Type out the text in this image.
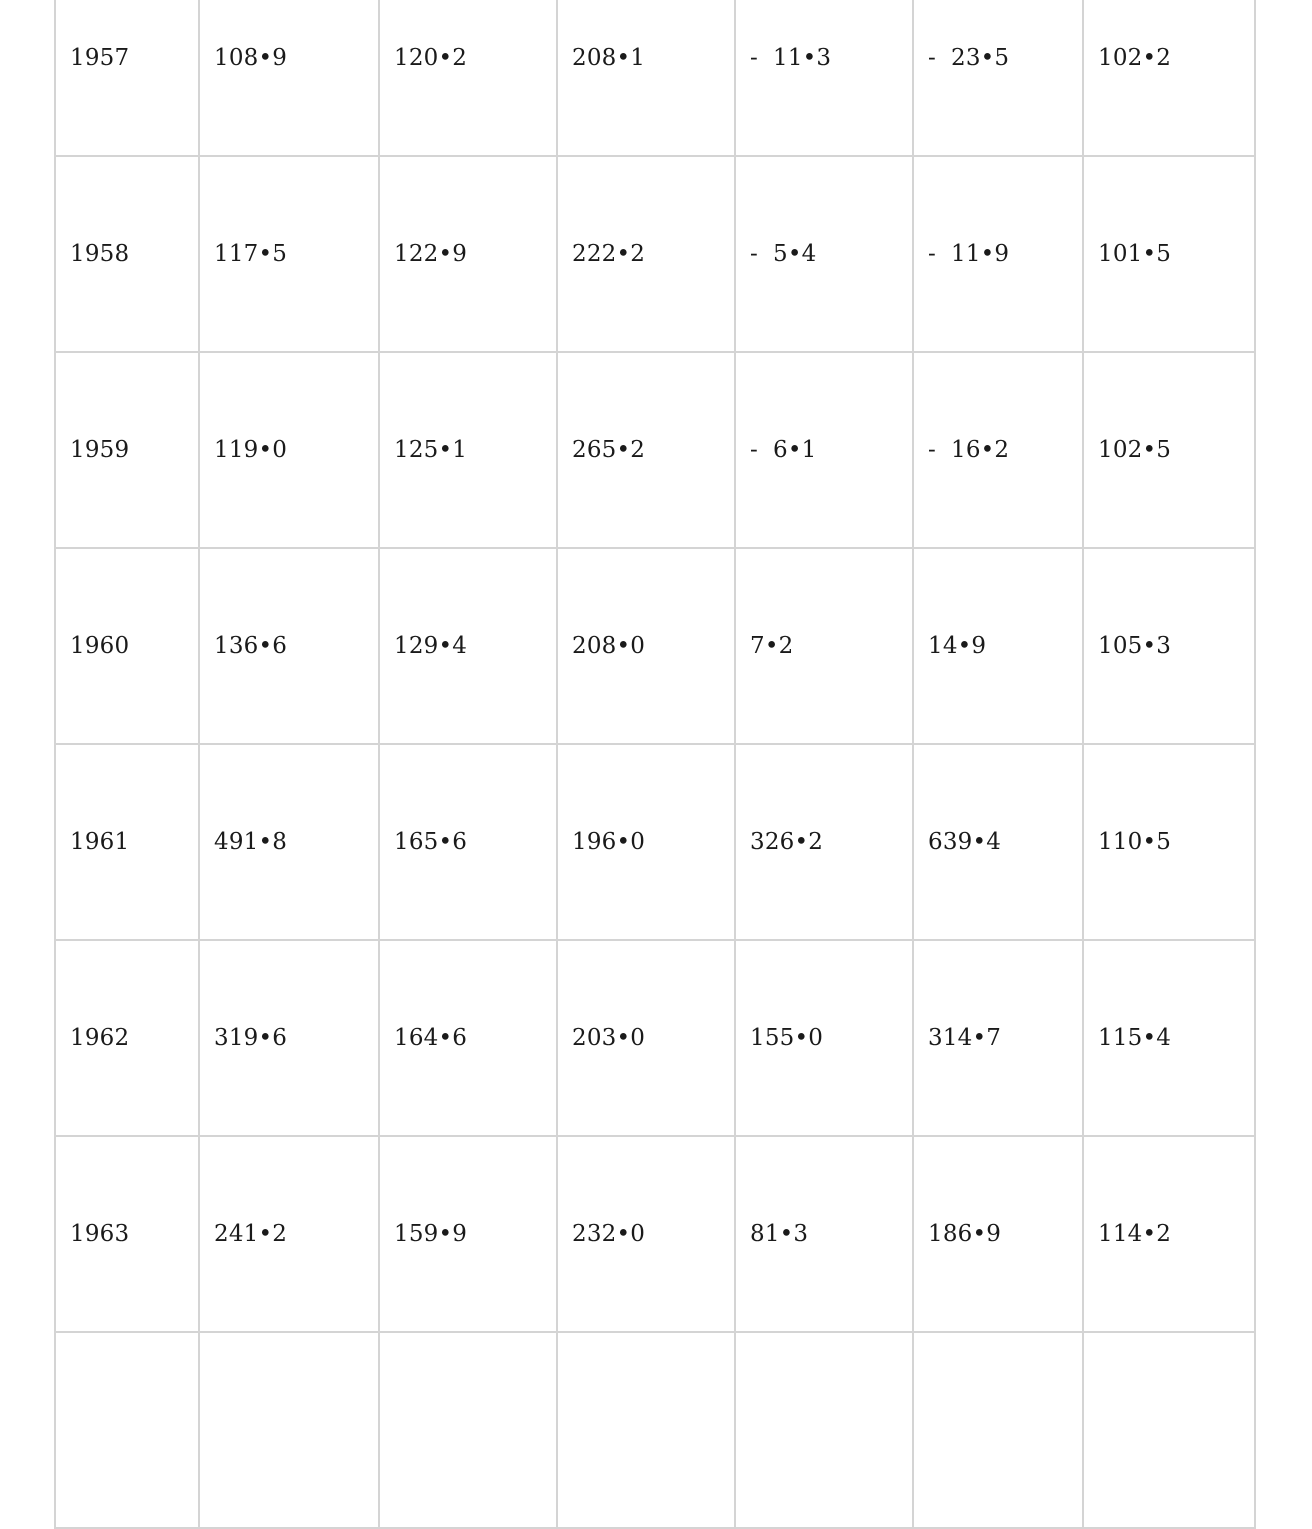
1957	108•9	120•2	208•1	-  11•3	-  23•5	102•2
1958	117•5	122•9	222•2	-  5•4	-  11•9	101•5
1959	119•0	125•1	265•2	-  6•1	-  16•2	102•5
1960	136•6	129•4	208•0	7•2	14•9	105•3
1961	491•8	165•6	196•0	326•2	639•4	110•5
1962	319•6	164•6	203•0	155•0	314•7	115•4
1963	241•2	159•9	232•0	81•3	186•9	114•2
